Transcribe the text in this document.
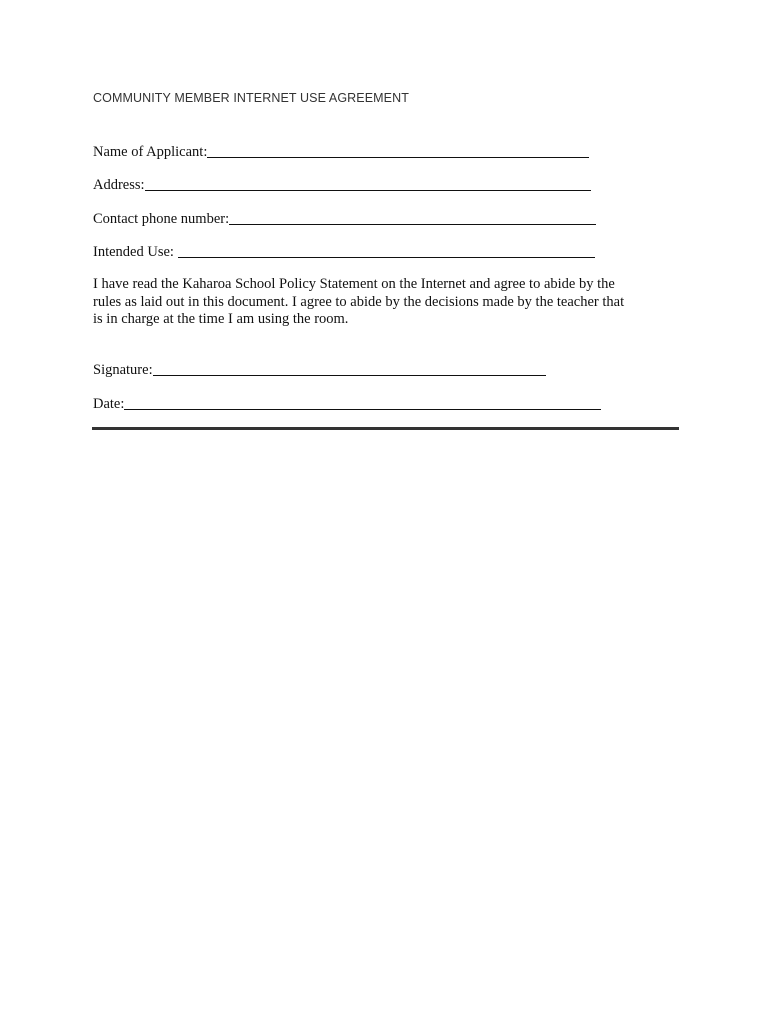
COMMUNITY MEMBER INTERNET USE AGREEMENT
Name of Applicant:
Address:
Contact phone number:
Intended Use:

I have read the Kaharoa School Policy Statement on the Internet and agree to abide by the

rules as laid out in this document. I agree to abide by the decisions made by the teacher that

is in charge at the time I am using the room.

Signature:
Date:
